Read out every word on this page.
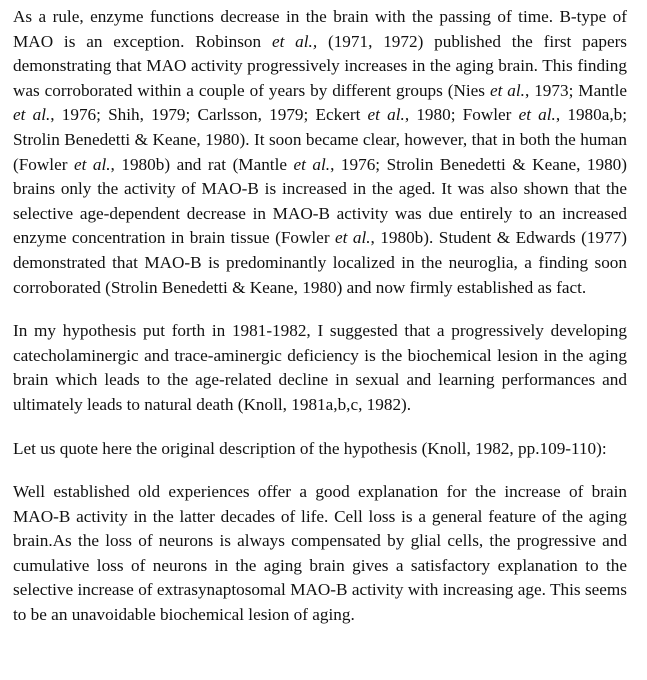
As a rule, enzyme functions decrease in the brain with the passing of time. B-type of MAO is an exception. Robinson et al., (1971, 1972) published the first papers demonstrating that MAO activity progressively increases in the aging brain. This finding was corroborated within a couple of years by different groups (Nies et al., 1973; Mantle et al., 1976; Shih, 1979; Carlsson, 1979; Eckert et al., 1980; Fowler et al., 1980a,b; Strolin Benedetti & Keane, 1980). It soon became clear, however, that in both the human (Fowler et al., 1980b) and rat (Mantle et al., 1976; Strolin Benedetti & Keane, 1980) brains only the activity of MAO-B is increased in the aged. It was also shown that the selective age-dependent decrease in MAO-B activity was due entirely to an increased enzyme concentration in brain tissue (Fowler et al., 1980b). Student & Edwards (1977) demonstrated that MAO-B is predominantly localized in the neuroglia, a finding soon corroborated (Strolin Benedetti & Keane, 1980) and now firmly established as fact.

In my hypothesis put forth in 1981-1982, I suggested that a progressively developing catecholaminergic and trace-aminergic deficiency is the biochemical lesion in the aging brain which leads to the age-related decline in sexual and learning performances and ultimately leads to natural death (Knoll, 1981a,b,c, 1982).

Let us quote here the original description of the hypothesis (Knoll, 1982, pp.109-110):

Well established old experiences offer a good explanation for the increase of brain MAO-B activity in the latter decades of life. Cell loss is a general feature of the aging brain.As the loss of neurons is always compensated by glial cells, the progressive and cumulative loss of neurons in the aging brain gives a satisfactory explanation to the selective increase of extrasynaptosomal MAO-B activity with increasing age. This seems to be an unavoidable biochemical lesion of aging.
